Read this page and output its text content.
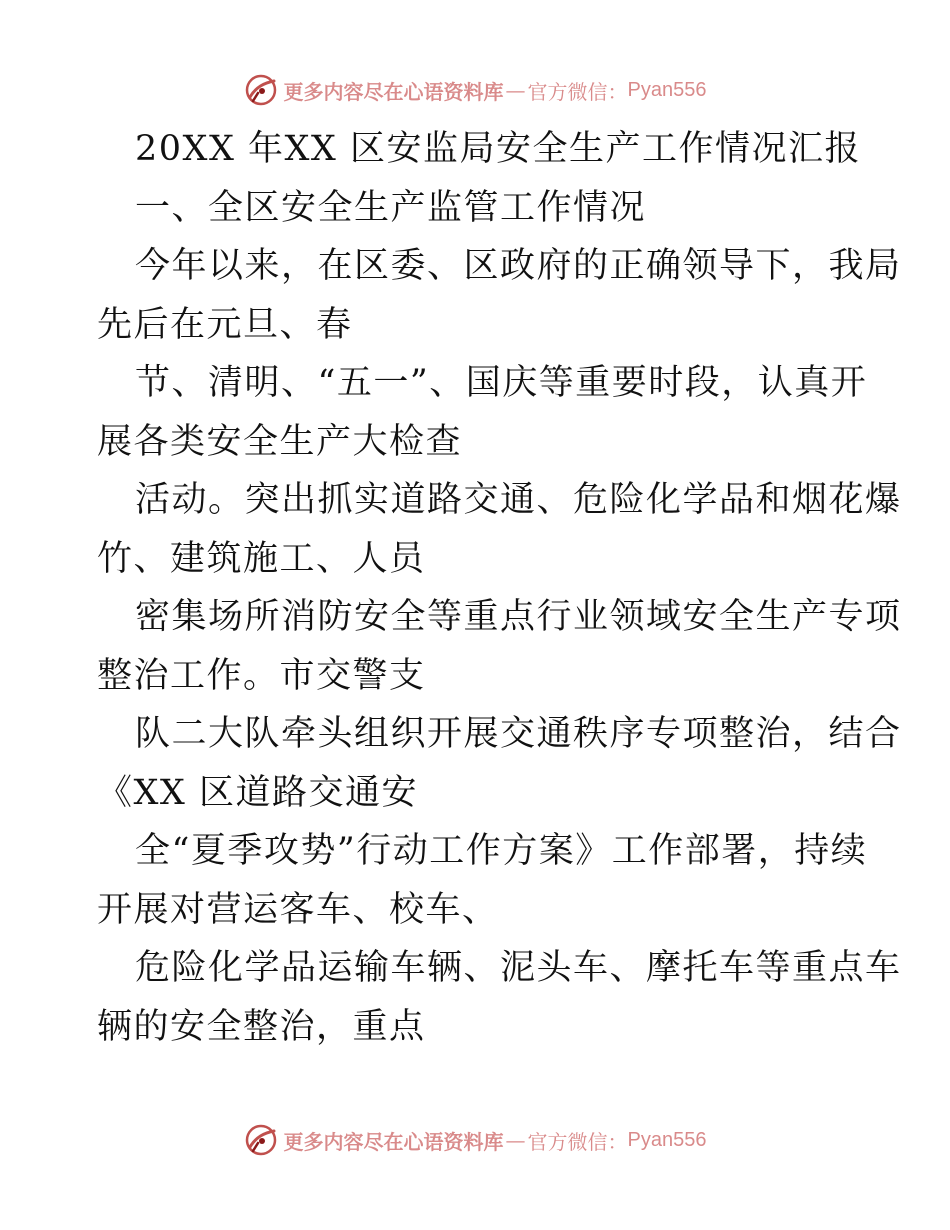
更多内容尽在心语资料库 — 官方微信： Pyan556
20XX 年XX 区安监局安全生产工作情况汇报
一、全区安全生产监管工作情况
今年以来，在区委、区政府的正确领导下，我局
先后在元旦、春
节、清明、“五一”、国庆等重要时段，认真开
展各类安全生产大检查
活动。突出抓实道路交通、危险化学品和烟花爆
竹、建筑施工、人员
密集场所消防安全等重点行业领域安全生产专项
整治工作。市交警支
队二大队牵头组织开展交通秩序专项整治，结合
《XX 区道路交通安
全“夏季攻势”行动工作方案》工作部署，持续
开展对营运客车、校车、
危险化学品运输车辆、泥头车、摩托车等重点车
辆的安全整治，重点
更多内容尽在心语资料库 — 官方微信： Pyan556
